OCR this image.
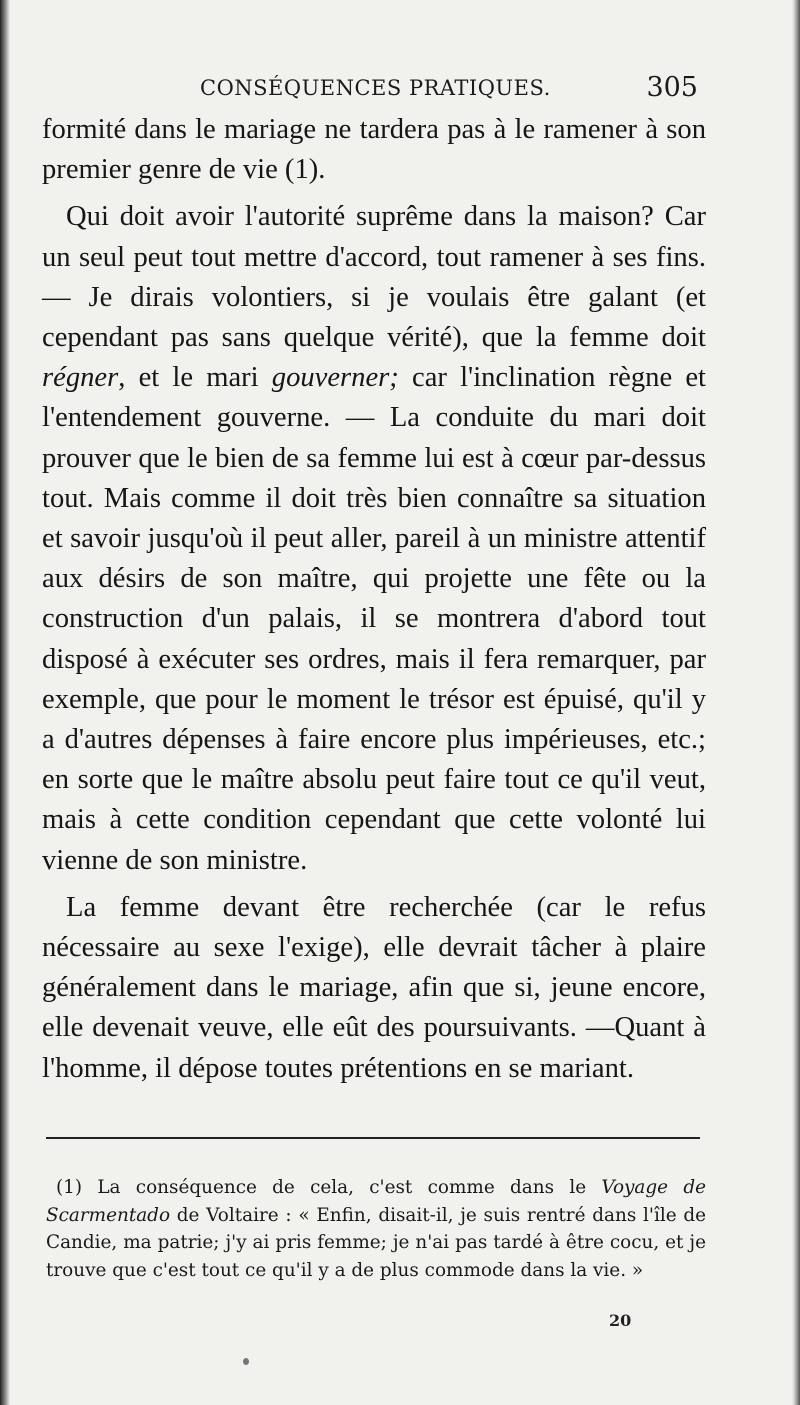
CONSÉQUENCES PRATIQUES.	305

formité dans le mariage ne tardera pas à le ramener à son premier genre de vie (1).

Qui doit avoir l'autorité suprême dans la maison? Car un seul peut tout mettre d'accord, tout ramener à ses fins. — Je dirais volontiers, si je voulais être galant (et cependant pas sans quelque vérité), que la femme doit régner, et le mari gouverner; car l'inclination règne et l'entendement gouverne. — La conduite du mari doit prouver que le bien de sa femme lui est à cœur par-dessus tout. Mais comme il doit très bien connaître sa situation et savoir jusqu'où il peut aller, pareil à un ministre attentif aux désirs de son maître, qui projette une fête ou la construction d'un palais, il se montrera d'abord tout disposé à exécuter ses ordres, mais il fera remarquer, par exemple, que pour le moment le trésor est épuisé, qu'il y a d'autres dépenses à faire encore plus impérieuses, etc.; en sorte que le maître absolu peut faire tout ce qu'il veut, mais à cette condition cependant que cette volonté lui vienne de son ministre.

La femme devant être recherchée (car le refus nécessaire au sexe l'exige), elle devrait tâcher à plaire généralement dans le mariage, afin que si, jeune encore, elle devenait veuve, elle eût des poursuivants. —Quant à l'homme, il dépose toutes prétentions en se mariant.

(1) La conséquence de cela, c'est comme dans le Voyage de Scarmentado de Voltaire : « Enfin, disait-il, je suis rentré dans l'île de Candie, ma patrie; j'y ai pris femme; je n'ai pas tardé à être cocu, et je trouve que c'est tout ce qu'il y a de plus commode dans la vie. »
20
